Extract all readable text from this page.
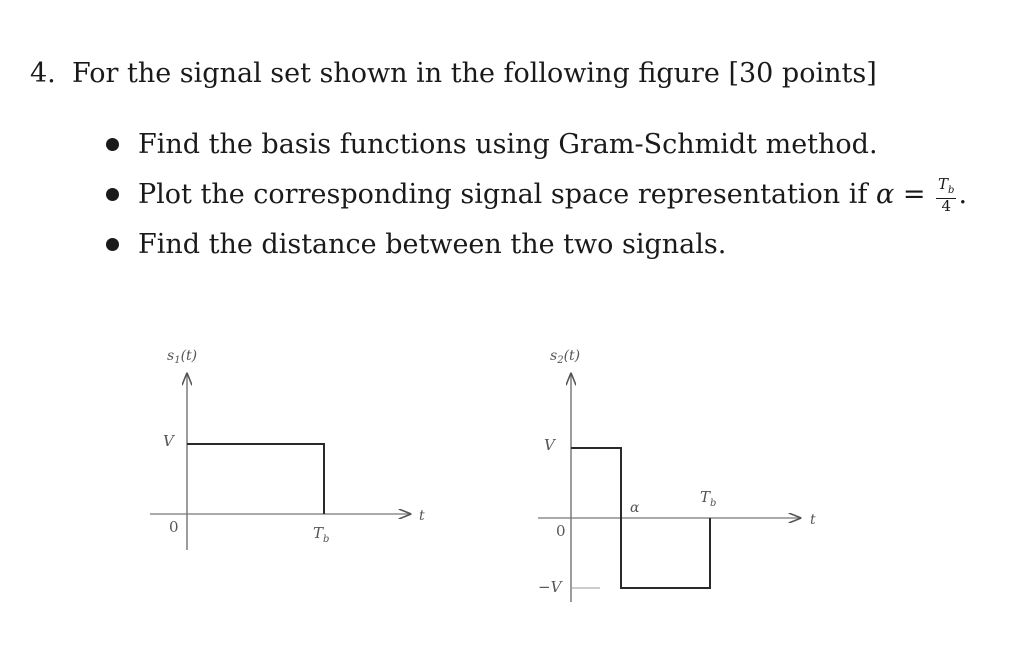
4. For the signal set shown in the following figure [30 points]
Find the basis functions using Gram-Schmidt method.
Plot the corresponding signal space representation if $\alpha = \frac{T_b}{4}$ .
Find the distance between the two signals.
$s_1(t)$
V
0	$T_b$
t
$s_2(t)$
V
−V
0
α
$T_b$
t
